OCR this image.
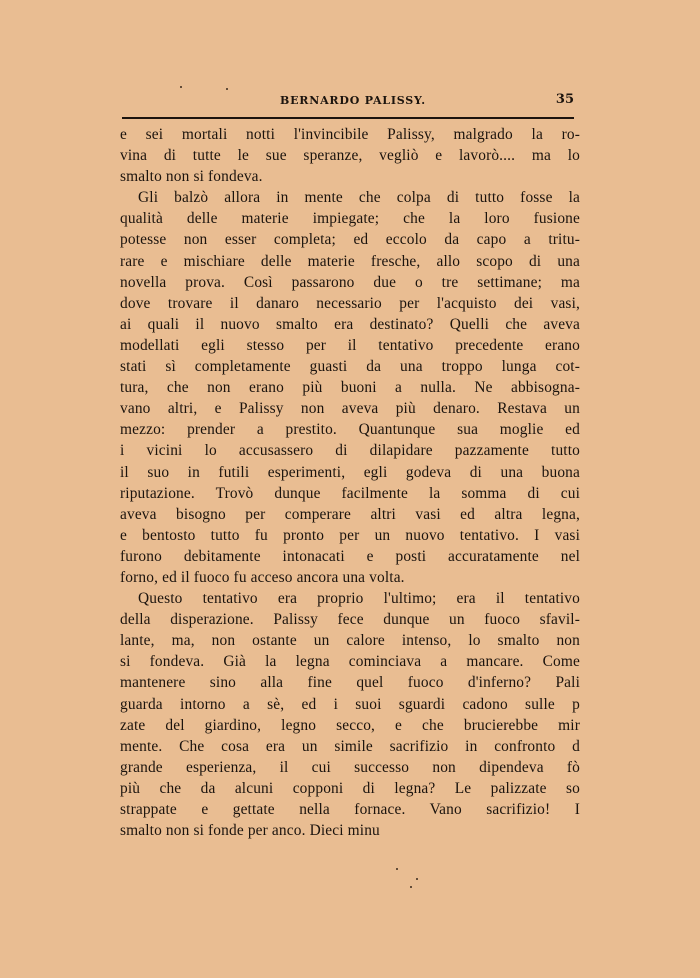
BERNARDO PALISSY.	35
e sei mortali notti l'invincibile Palissy, malgrado la ro-
vina di tutte le sue speranze, vegliò e lavorò.... ma lo
smalto non si fondeva.
Gli balzò allora in mente che colpa di tutto fosse la
qualità delle materie impiegate; che la loro fusione
potesse non esser completa; ed eccolo da capo a tritu-
rare e mischiare delle materie fresche, allo scopo di una
novella prova. Così passarono due o tre settimane; ma
dove trovare il danaro necessario per l'acquisto dei vasi,
ai quali il nuovo smalto era destinato? Quelli che aveva
modellati egli stesso per il tentativo precedente erano
stati sì completamente guasti da una troppo lunga cot-
tura, che non erano più buoni a nulla. Ne abbisogna-
vano altri, e Palissy non aveva più denaro. Restava un
mezzo: prender a prestito. Quantunque sua moglie ed
i vicini lo accusassero di dilapidare pazzamente tutto
il suo in futili esperimenti, egli godeva di una buona
riputazione. Trovò dunque facilmente la somma di cui
aveva bisogno per comperare altri vasi ed altra legna,
e bentosto tutto fu pronto per un nuovo tentativo. I vasi
furono debitamente intonacati e posti accuratamente nel
forno, ed il fuoco fu acceso ancora una volta.
Questo tentativo era proprio l'ultimo; era il tentativo
della disperazione. Palissy fece dunque un fuoco sfavil-
lante, ma, non ostante un calore intenso, lo smalto non
si fondeva. Già la legna cominciava a mancare. Come
mantenere sino alla fine quel fuoco d'inferno? Pali
guarda intorno a sè, ed i suoi sguardi cadono sulle p
zate del giardino, legno secco, e che brucierebbe mir
mente. Che cosa era un simile sacrifizio in confronto d
grande esperienza, il cui successo non dipendeva fò
più che da alcuni copponi di legna? Le palizzate so
strappate e gettate nella fornace. Vano sacrifizio! I
smalto non si fonde per anco. Dieci minu
